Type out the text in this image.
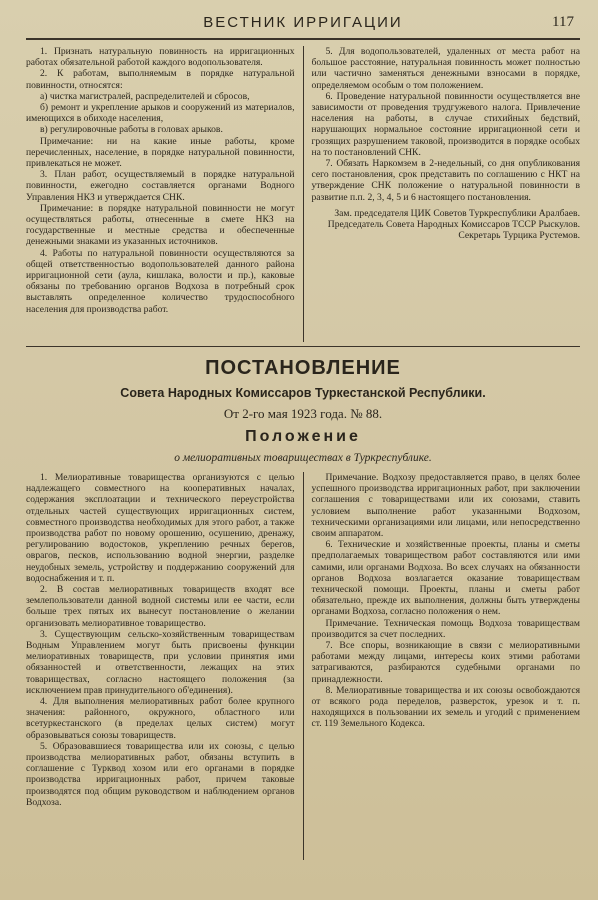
ВЕСТНИК ИРРИГАЦИИ	117

1. Признать натуральную повинность на ирригационных работах обязательной работой каждого водопользователя.

2. К работам, выполняемым в порядке натуральной повинности, относятся:

а) чистка магистралей, распределителей и сбросов,

б) ремонт и укрепление арыков и сооружений из материалов, имеющихся в обиходе населения,

в) регулировочные работы в головах арыков.

Примечание: ни на какие иные работы, кроме перечисленных, население, в порядке натуральной повинности, привлекаться не может.

3. План работ, осуществляемый в порядке натуральной повинности, ежегодно составляется органами Водного Управления НКЗ и утверждается СНК.

Примечание: в порядке натуральной повинности не могут осуществляться работы, отнесенные в смете НКЗ на государственные и местные средства и обеспеченные денежными знаками из указанных источников.

4. Работы по натуральной повинности осуществляются за общей ответственностью водопользователей данного района ирригационной сети (аула, кишлака, волости и пр.), каковые обязаны по требованию органов Водхоза в потребный срок выставлять определенное количество трудоспособного населения для производства работ.

5. Для водопользователей, удаленных от места работ на большое расстояние, натуральная повинность может полностью или частично заменяться денежными взносами в порядке, определяемом особым о том положением.

6. Проведение натуральной повинности осуществляется вне зависимости от проведения трудгужевого налога. Привлечение населения на работы, в случае стихийных бедствий, нарушающих нормальное состояние ирригационной сети и грозящих разрушением таковой, производится в порядке особых на то постановлений СНК.

7. Обязать Наркомзем в 2-недельный, со дня опубликования сего постановления, срок представить по соглашению с НКТ на утверждение СНК положение о натуральной повинности в развитие п.п. 2, 3, 4, 5 и 6 настоящего постановления.

Зам. председателя ЦИК Советов Туркреспублики Аралбаев.

Председатель Совета Народных Комиссаров ТССР Рыскулов.

Секретарь Турцика Рустемов.

ПОСТАНОВЛЕНИЕ
Совета Народных Комиссаров Туркестанской Республики.
От 2-го мая 1923 года. № 88.
Положение
о мелиоративных товариществах в Туркреспублике.

1. Мелиоративные товарищества организуются с целью надлежащего совместного на кооперативных началах, содержания эксплоатации и технического переустройства отдельных частей существующих ирригационных систем, совместного производства необходимых для этого работ, а также производства работ по новому орошению, осушению, дренажу, регулированию водостоков, укреплению речных берегов, оврагов, песков, использованию водной энергии, разделке неудобных земель, устройству и поддержанию сооружений для водоснабжения и т. п.

2. В состав мелиоративных товариществ входят все землепользователи данной водной системы или ее части, если больше трех пятых их вынесут постановление о желании организовать мелиоративное товарищество.

3. Существующим сельско-хозяйственным товариществам Водным Управлением могут быть присвоены функции мелиоративных товариществ, при условии принятия ими обязанностей и ответственности, лежащих на этих товариществах, согласно настоящего положения (за исключением прав принудительного об'единения).

4. Для выполнения мелиоративных работ более крупного значения: районного, окружного, областного или всетуркестанского (в пределах целых систем) могут образовываться союзы товариществ.

5. Образовавшиеся товарищества или их союзы, с целью производства мелиоративных работ, обязаны вступить в соглашение с Турквод хозом или его органами в порядке производства ирригационных работ, причем таковые производятся под общим руководством и наблюдением органов Водхоза.

Примечание. Водхозу предоставляется право, в целях более успешного производства ирригационных работ, при заключении соглашения с товариществами или их союзами, ставить условием выполнение работ указанными Водхозом, техническими организациями или лицами, или непосредственно своим аппаратом.

6. Технические и хозяйственные проекты, планы и сметы предполагаемых товариществом работ составляются или ими самими, или органами Водхоза. Во всех случаях на обязанности органов Водхоза возлагается оказание товариществам технической помощи. Проекты, планы и сметы работ обязательно, прежде их выполнения, должны быть утверждены органами Водхоза, согласно положения о нем.

Примечание. Техническая помощь Водхоза товариществам производится за счет последних.

7. Все споры, возникающие в связи с мелиоративными работами между лицами, интересы коих этими работами затрагиваются, разбираются судебными органами по принадлежности.

8. Мелиоративные товарищества и их союзы освобождаются от всякого рода переделов, разверсток, урезок и т. п. находящихся в пользовании их земель и угодий с применением ст. 119 Земельного Кодекса.
